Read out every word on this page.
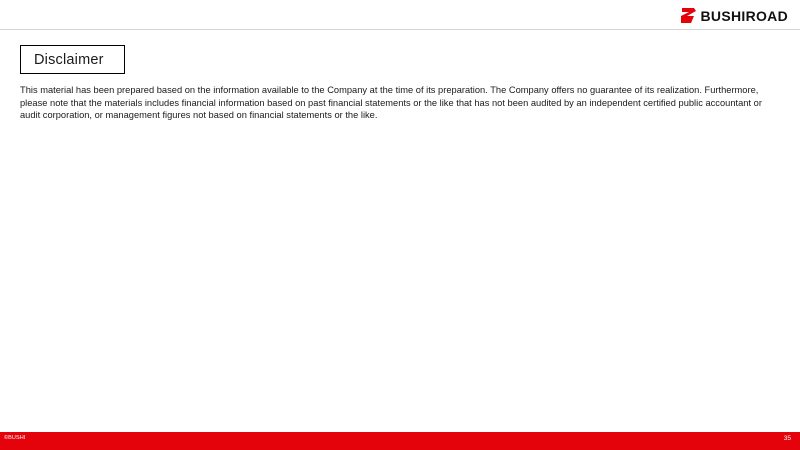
BUSHIROAD
Disclaimer

This material has been prepared based on the information available to the Company at the time of its preparation. The Company offers no guarantee of its realization. Furthermore, please note that the materials includes financial information based on past financial statements or the like that has not been audited by an independent certified public accountant or audit corporation, or management figures not based on financial statements or the like.

©BUSHI	35
